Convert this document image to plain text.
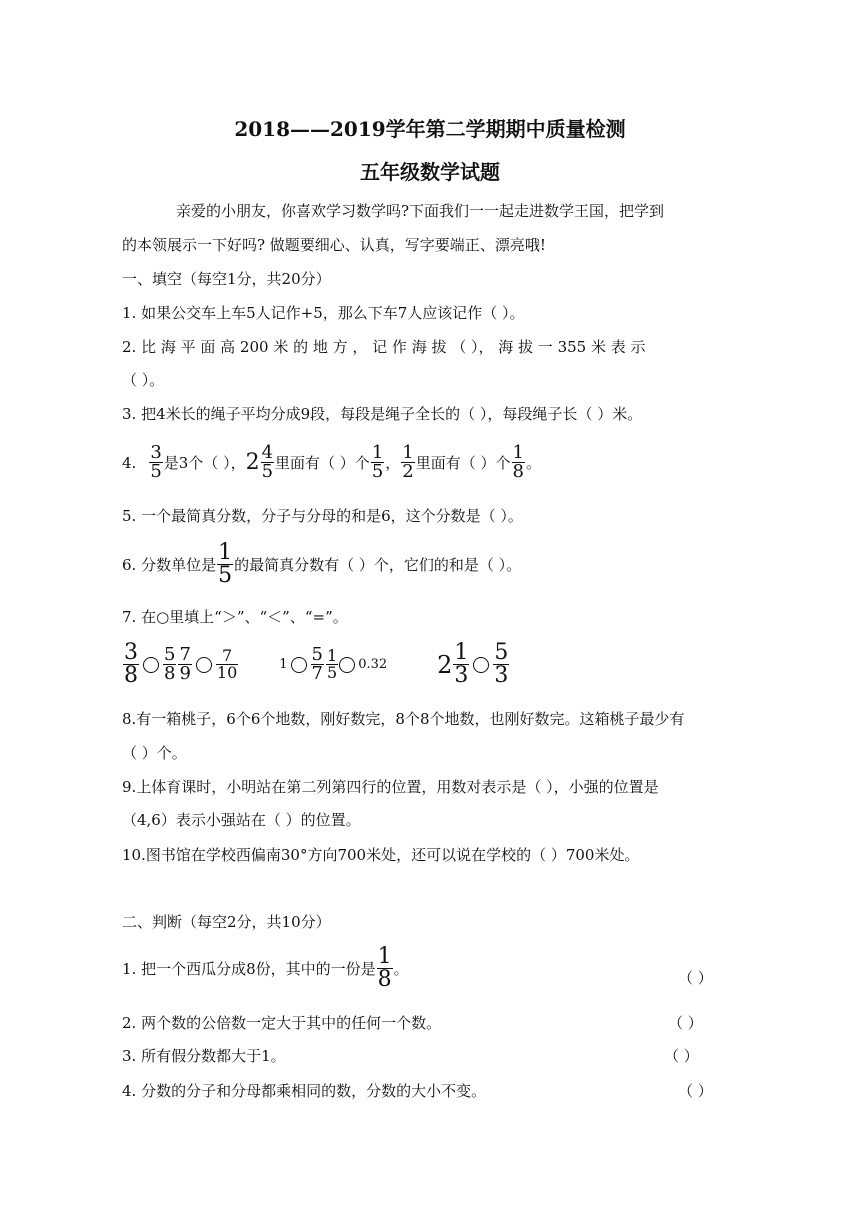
2018——2019学年第二学期期中质量检测
五年级数学试题
亲爱的小朋友，你喜欢学习数学吗?下面我们一一起走进数学王国，把学到
的本领展示一下好吗? 做题要细心、认真，写字要端正、漂亮哦!
一、填空（每空1分，共20分）
1. 如果公交车上车5人记作+5，那么下车7人应该记作（ ）。
2. 比 海 平 面 高 200 米 的 地 方 ， 记 作 海 拔 （ ）， 海 拔 一 355 米 表 示
（ ）。
3. 把4米长的绳子平均分成9段，每段是绳子全长的（ ），每段绳子长（ ）米。
4. $\frac{3}{5}$ 是3个（ ）， $2 \frac{4}{5}$ 里面有（ ）个 $\frac{1}{5}$ ， $\frac{1}{2}$ 里面有（ ）个 $\frac{1}{8}$ 。
5. 一个最简真分数，分子与分母的和是6，这个分数是（ ）。
6. 分数单位是 $\frac{1}{5}$ 的最简真分数有（ ）个，它们的和是（ ）。
7. 在○里填上“＞”、“＜”、“=”。
$\frac{3}{8} \frac{5}{8} \frac{7}{9} \frac{7}{10}$	$1 \frac{5}{7} \frac{1}{5} 0.32$ $2 \frac{1}{3} \frac{5}{3}$
8.有一箱桃子，6个6个地数，刚好数完，8个8个地数，也刚好数完。这箱桃子最少有
（ ）个。
9.上体育课时，小明站在第二列第四行的位置，用数对表示是（ ），小强的位置是
（4,6）表示小强站在（ ）的位置。
10.图书馆在学校西偏南30°方向700米处，还可以说在学校的（ ）700米处。
二、判断（每空2分，共10分）
1. 把一个西瓜分成8份，其中的一份是 $\frac{1}{8}$ 。
（ ）
2. 两个数的公倍数一定大于其中的任何一个数。	（ ）
3. 所有假分数都大于1。	（ ）
4. 分数的分子和分母都乘相同的数，分数的大小不变。	（ ）
